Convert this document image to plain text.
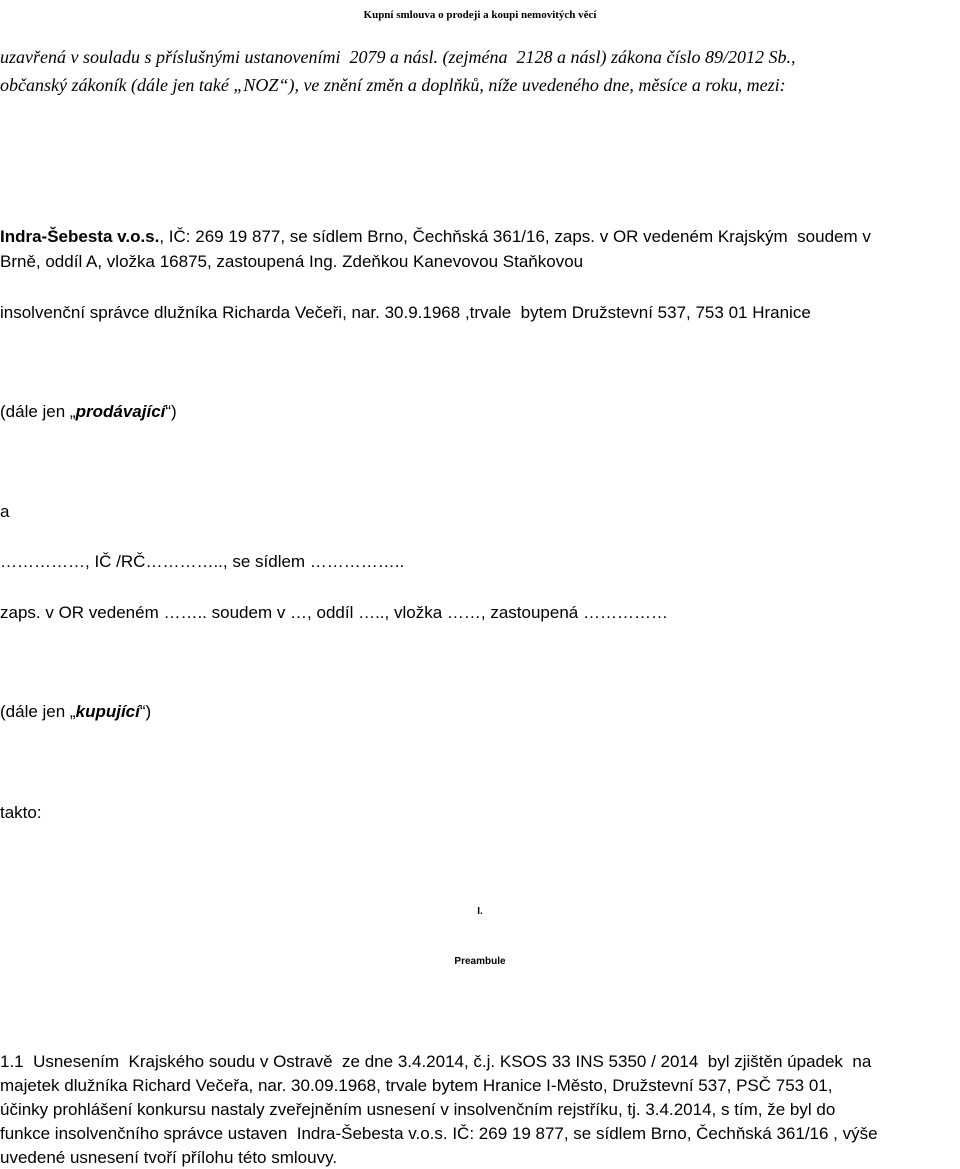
Kupní smlouva o prodeji a koupi nemovitých věcí
uzavřená v souladu s příslušnými ustanoveními  2079 a násl. (zejména  2128 a násl) zákona číslo 89/2012 Sb.,
občanský zákoník (dále jen také „NOZ“), ve znění změn a doplňků, níže uvedeného dne, měsíce a roku, mezi:
Indra-Šebesta v.o.s., IČ: 269 19 877, se sídlem Brno, Čechňská 361/16, zaps. v OR vedeném Krajským  soudem v
Brně, oddíl A, vložka 16875, zastoupená Ing. Zdeňkou Kanevovou Staňkovou
insolvenční správce dlužníka Richarda Večeři, nar. 30.9.1968 ,trvale  bytem Družstevní 537, 753 01 Hranice
(dále jen „prodávající“)
a
……………, IČ /RČ………….., se sídlem ……………..
zaps. v OR vedeném …….. soudem v …, oddíl ….., vložka ……, zastoupená ……………
(dále jen „kupující“)
takto:
I.
Preambule
1.1  Usnesením  Krajského soudu v Ostravě  ze dne 3.4.2014, č.j. KSOS 33 INS 5350 / 2014  byl zjištěn úpadek  na
majetek dlužníka Richard Večeřa, nar. 30.09.1968, trvale bytem Hranice I-Město, Družstevní 537, PSČ 753 01,
účinky prohlášení konkursu nastaly zveřejněním usnesení v insolvenčním rejstříku, tj. 3.4.2014, s tím, že byl do
funkce insolvenčního správce ustaven  Indra-Šebesta v.o.s. IČ: 269 19 877, se sídlem Brno, Čechňská 361/16 , výše
uvedené usnesení tvoří přílohu této smlouvy.
